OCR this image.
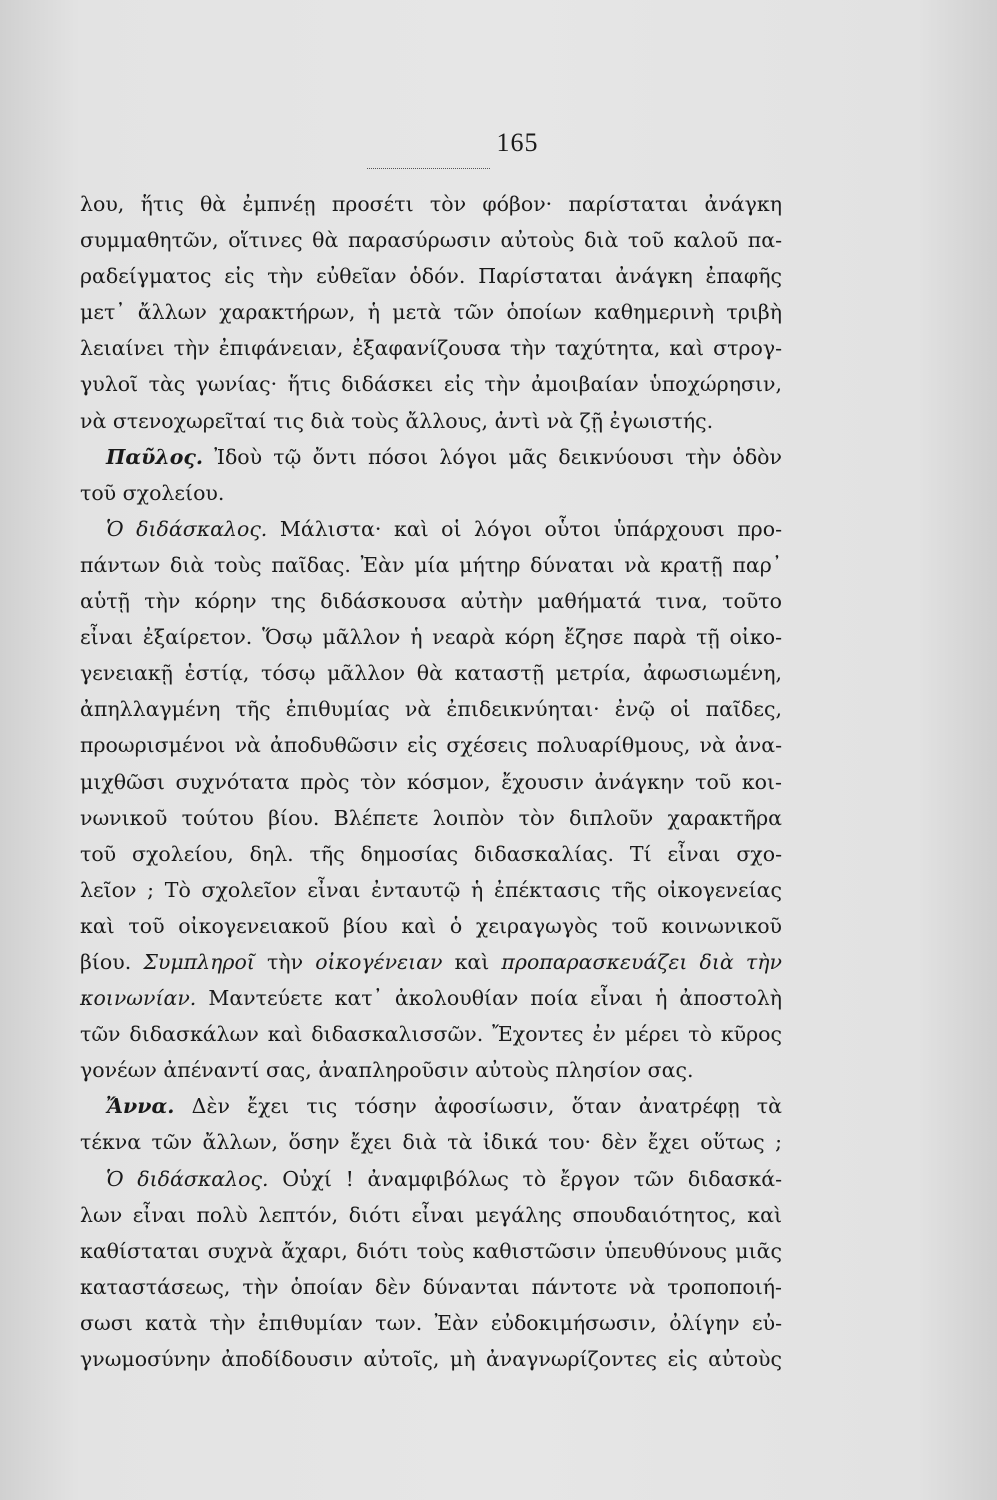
165
λου, ἥτις θὰ ἐμπνέῃ προσέτι τὸν φόβον· παρίσταται ἀνάγκη
συμμαθητῶν, οἵτινες θὰ παρασύρωσιν αὐτοὺς διὰ τοῦ καλοῦ πα-
ραδείγματος εἰς τὴν εὐθεῖαν ὁδόν. Παρίσταται ἀνάγκη ἐπαφῆς
μετ᾿ ἄλλων χαρακτήρων, ἡ μετὰ τῶν ὁποίων καθημερινὴ τριβὴ
λειαίνει τὴν ἐπιφάνειαν, ἐξαφανίζουσα τὴν ταχύτητα, καὶ στρογ-
γυλοῖ τὰς γωνίας· ἥτις διδάσκει εἰς τὴν ἀμοιβαίαν ὑποχώρησιν,
νὰ στενοχωρεῖταί τις διὰ τοὺς ἄλλους, ἀντὶ νὰ ζῇ ἐγωιστής.
Παῦλος. Ἰδοὺ τῷ ὄντι πόσοι λόγοι μᾶς δεικνύουσι τὴν ὁδὸν
τοῦ σχολείου.
Ὁ διδάσκαλος. Μάλιστα· καὶ οἱ λόγοι οὗτοι ὑπάρχουσι προ-
πάντων διὰ τοὺς παῖδας. Ἐὰν μία μήτηρ δύναται νὰ κρατῇ παρ᾿
αὑτῇ τὴν κόρην της διδάσκουσα αὐτὴν μαθήματά τινα, τοῦτο
εἶναι ἐξαίρετον. Ὅσῳ μᾶλλον ἡ νεαρὰ κόρη ἔζησε παρὰ τῇ οἰκο-
γενειακῇ ἑστίᾳ, τόσῳ μᾶλλον θὰ καταστῇ μετρία, ἀφωσιωμένη,
ἀπηλλαγμένη τῆς ἐπιθυμίας νὰ ἐπιδεικνύηται· ἐνῷ οἱ παῖδες,
προωρισμένοι νὰ ἀποδυθῶσιν εἰς σχέσεις πολυαρίθμους, νὰ ἀνα-
μιχθῶσι συχνότατα πρὸς τὸν κόσμον, ἔχουσιν ἀνάγκην τοῦ κοι-
νωνικοῦ τούτου βίου. Βλέπετε λοιπὸν τὸν διπλοῦν χαρακτῆρα
τοῦ σχολείου, δηλ. τῆς δημοσίας διδασκαλίας. Τί εἶναι σχο-
λεῖον ; Τὸ σχολεῖον εἶναι ἐνταυτῷ ἡ ἐπέκτασις τῆς οἰκογενείας
καὶ τοῦ οἰκογενειακοῦ βίου καὶ ὁ χειραγωγὸς τοῦ κοινωνικοῦ
βίου. Συμπληροῖ τὴν οἰκογένειαν καὶ προπαρασκευάζει διὰ τὴν
κοινωνίαν. Μαντεύετε κατ᾿ ἀκολουθίαν ποία εἶναι ἡ ἀποστολὴ
τῶν διδασκάλων καὶ διδασκαλισσῶν. Ἔχοντες ἐν μέρει τὸ κῦρος
γονέων ἀπέναντί σας, ἀναπληροῦσιν αὐτοὺς πλησίον σας.
Ἄννα. Δὲν ἔχει τις τόσην ἀφοσίωσιν, ὅταν ἀνατρέφῃ τὰ
τέκνα τῶν ἄλλων, ὅσην ἔχει διὰ τὰ ἰδικά του· δὲν ἔχει οὕτως ;
Ὁ διδάσκαλος. Οὐχί ! ἀναμφιβόλως τὸ ἔργον τῶν διδασκά-
λων εἶναι πολὺ λεπτόν, διότι εἶναι μεγάλης σπουδαιότητος, καὶ
καθίσταται συχνὰ ἄχαρι, διότι τοὺς καθιστῶσιν ὑπευθύνους μιᾶς
καταστάσεως, τὴν ὁποίαν δὲν δύνανται πάντοτε νὰ τροποποιή-
σωσι κατὰ τὴν ἐπιθυμίαν των. Ἐὰν εὐδοκιμήσωσιν, ὀλίγην εὐ-
γνωμοσύνην ἀποδίδουσιν αὐτοῖς, μὴ ἀναγνωρίζοντες εἰς αὐτοὺς
